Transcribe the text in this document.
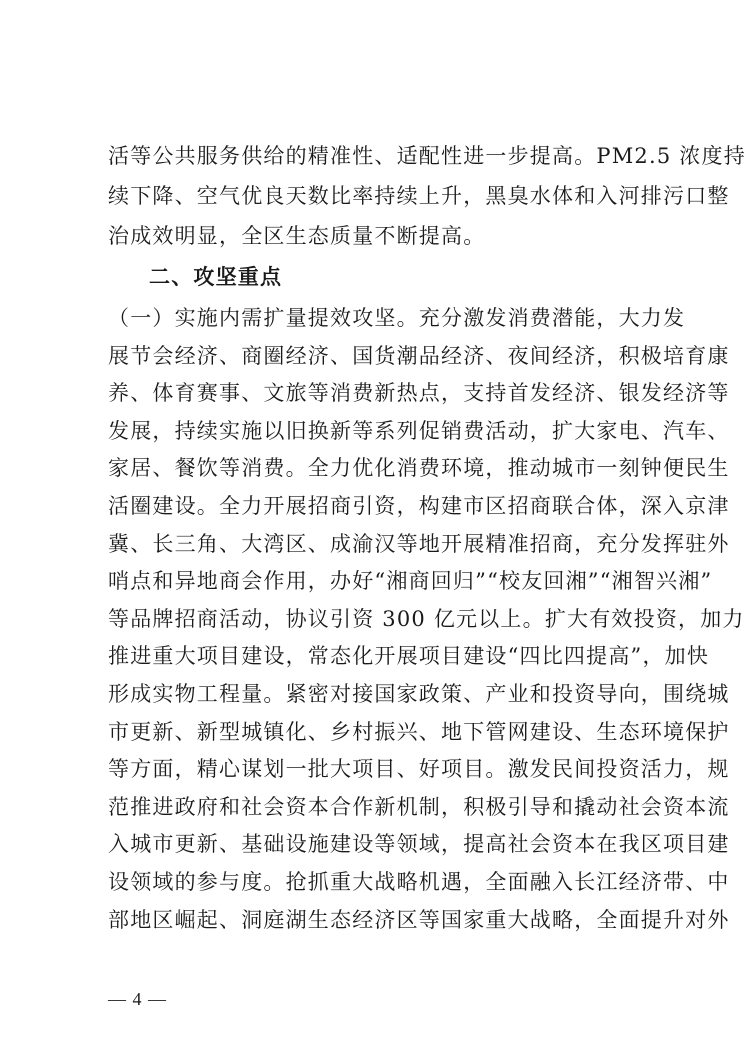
活等公共服务供给的精准性、适配性进一步提高。PM2.5 浓度持
续下降、空气优良天数比率持续上升，黑臭水体和入河排污口整
治成效明显，全区生态质量不断提高。
二、攻坚重点
（一）实施内需扩量提效攻坚。充分激发消费潜能，大力发
展节会经济、商圈经济、国货潮品经济、夜间经济，积极培育康
养、体育赛事、文旅等消费新热点，支持首发经济、银发经济等
发展，持续实施以旧换新等系列促销费活动，扩大家电、汽车、
家居、餐饮等消费。全力优化消费环境，推动城市一刻钟便民生
活圈建设。全力开展招商引资，构建市区招商联合体，深入京津
冀、长三角、大湾区、成渝汉等地开展精准招商，充分发挥驻外
哨点和异地商会作用，办好“湘商回归”“校友回湘”“湘智兴湘”
等品牌招商活动，协议引资 300 亿元以上。扩大有效投资，加力
推进重大项目建设，常态化开展项目建设“四比四提高”，加快
形成实物工程量。紧密对接国家政策、产业和投资导向，围绕城
市更新、新型城镇化、乡村振兴、地下管网建设、生态环境保护
等方面，精心谋划一批大项目、好项目。激发民间投资活力，规
范推进政府和社会资本合作新机制，积极引导和撬动社会资本流
入城市更新、基础设施建设等领域，提高社会资本在我区项目建
设领域的参与度。抢抓重大战略机遇，全面融入长江经济带、中
部地区崛起、洞庭湖生态经济区等国家重大战略，全面提升对外
— 4 —
